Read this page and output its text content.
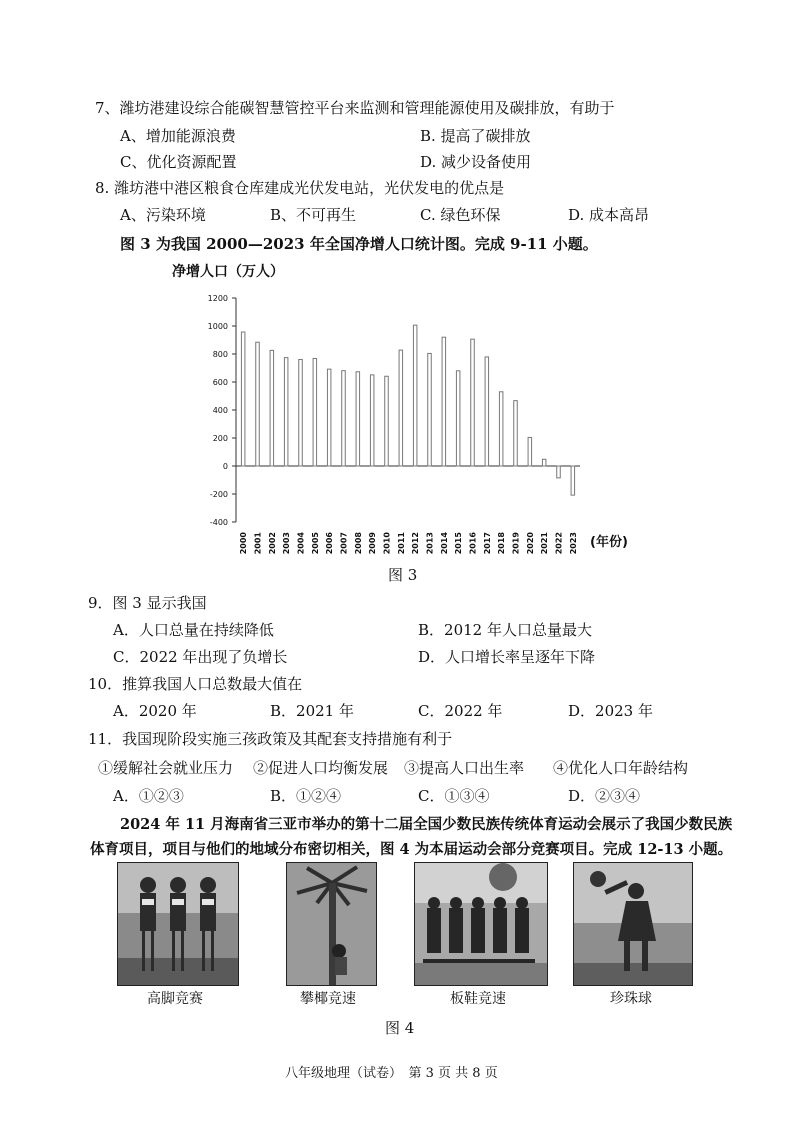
7、潍坊港建设综合能碳智慧管控平台来监测和管理能源使用及碳排放，有助于
A、增加能源浪费	B. 提高了碳排放
C、优化资源配置	D. 减少设备使用
8. 潍坊港中港区粮食仓库建成光伏发电站，光伏发电的优点是
A、污染环境	B、不可再生	C. 绿色环保	D. 成本高昂
图 3 为我国 2000—2023 年全国净增人口统计图。完成 9-11 小题。
净增人口（万人）
-400
-200
0
200
400
600
800
1000
1200
2000 2001 2002 2003 2004 2005 2006 2007 2008 2009 2010 2011 2012 2013 2014 2015 2016 2017 2018 2019 2020 2021 2022 2023 (年份)
图 3
9．图 3 显示我国
A．人口总量在持续降低	B．2012 年人口总量最大
C．2022 年出现了负增长	D．人口增长率呈逐年下降
10．推算我国人口总数最大值在
A．2020 年	B．2021 年	C．2022 年	D．2023 年
11．我国现阶段实施三孩政策及其配套支持措施有利于
①缓解社会就业压力 ②促进人口均衡发展 ③提高人口出生率 ④优化人口年龄结构
A．①②③	B．①②④	C．①③④	D．②③④
2024 年 11 月海南省三亚市举办的第十二届全国少数民族传统体育运动会展示了我国少数民族
体育项目，项目与他们的地域分布密切相关，图 4 为本届运动会部分竞赛项目。完成 12-13 小题。
高脚竞赛	攀椰竞速	板鞋竞速	珍珠球
图 4
八年级地理（试卷）　第 3 页 共 8 页
